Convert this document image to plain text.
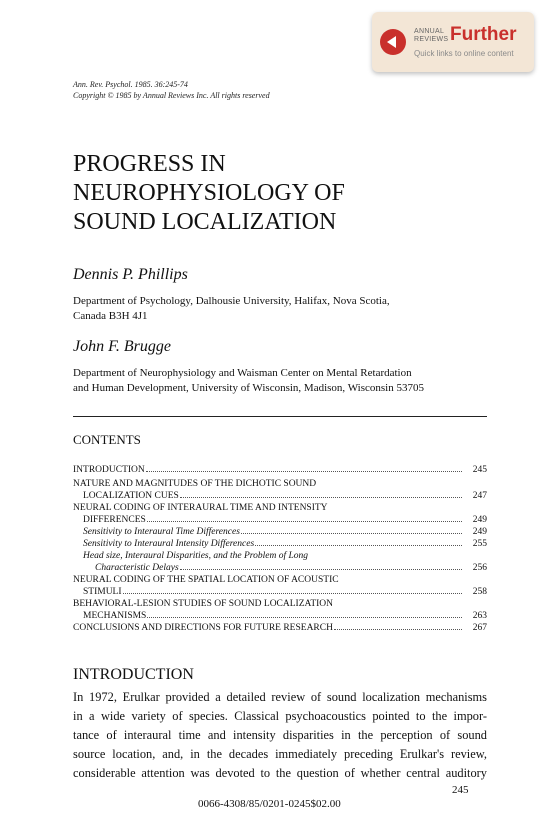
ANNUAL
REVIEWS Further
Quick links to online content
Ann. Rev. Psychol. 1985. 36:245-74
Copyright © 1985 by Annual Reviews Inc. All rights reserved
PROGRESS IN
NEUROPHYSIOLOGY OF
SOUND LOCALIZATION
Dennis P. Phillips
Department of Psychology, Dalhousie University, Halifax, Nova Scotia,
Canada B3H 4J1
John F. Brugge
Department of Neurophysiology and Waisman Center on Mental Retardation
and Human Development, University of Wisconsin, Madison, Wisconsin 53705
CONTENTS
INTRODUCTION	245
NATURE AND MAGNITUDES OF THE DICHOTIC SOUND
LOCALIZATION CUES	247
NEURAL CODING OF INTERAURAL TIME AND INTENSITY
DIFFERENCES	249
Sensitivity to Interaural Time Differences	249
Sensitivity to Interaural Intensity Differences	255
Head size, Interaural Disparities, and the Problem of Long
Characteristic Delays	256
NEURAL CODING OF THE SPATIAL LOCATION OF ACOUSTIC
STIMULI	258
BEHAVIORAL-LESION STUDIES OF SOUND LOCALIZATION
MECHANISMS	263
CONCLUSIONS AND DIRECTIONS FOR FUTURE RESEARCH	267
INTRODUCTION
In 1972, Erulkar provided a detailed review of sound localization mechanisms
in a wide variety of species. Classical psychoacoustics pointed to the impor-
tance of interaural time and intensity disparities in the perception of sound
source location, and, in the decades immediately preceding Erulkar's review,
considerable attention was devoted to the question of whether central auditory
245
0066-4308/85/0201-0245$02.00
